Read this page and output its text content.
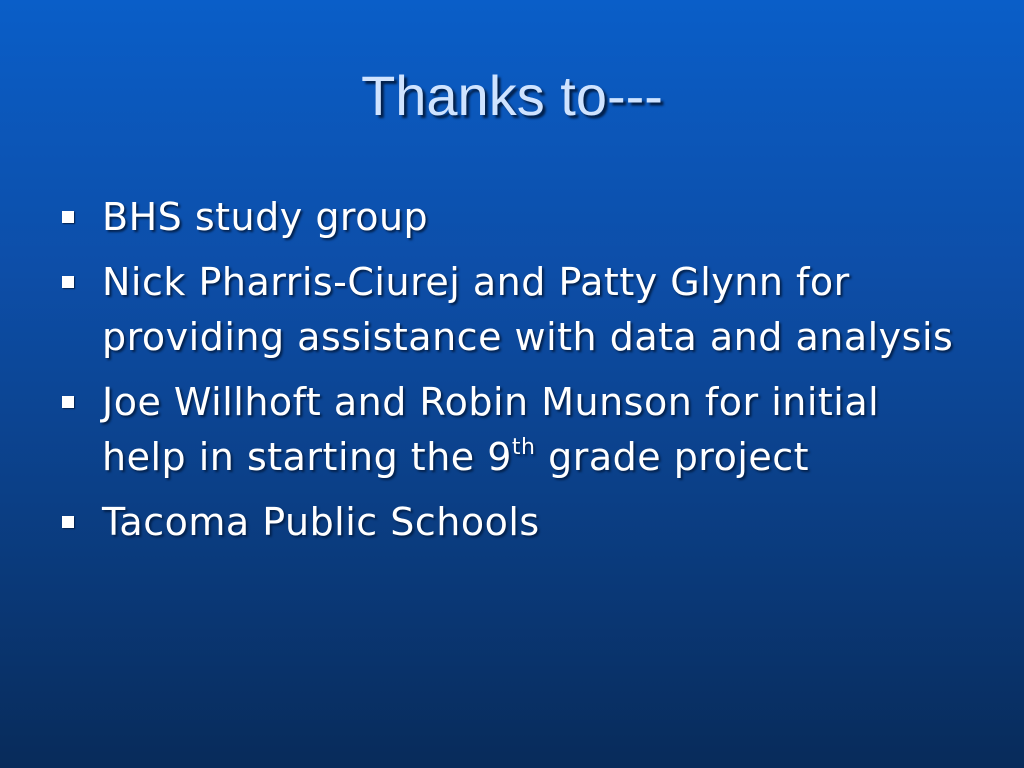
Thanks to---
BHS study group
Nick Pharris-Ciurej and Patty Glynn for providing assistance with data and analysis
Joe Willhoft and Robin Munson for initial help in starting the 9th grade project
Tacoma Public Schools
